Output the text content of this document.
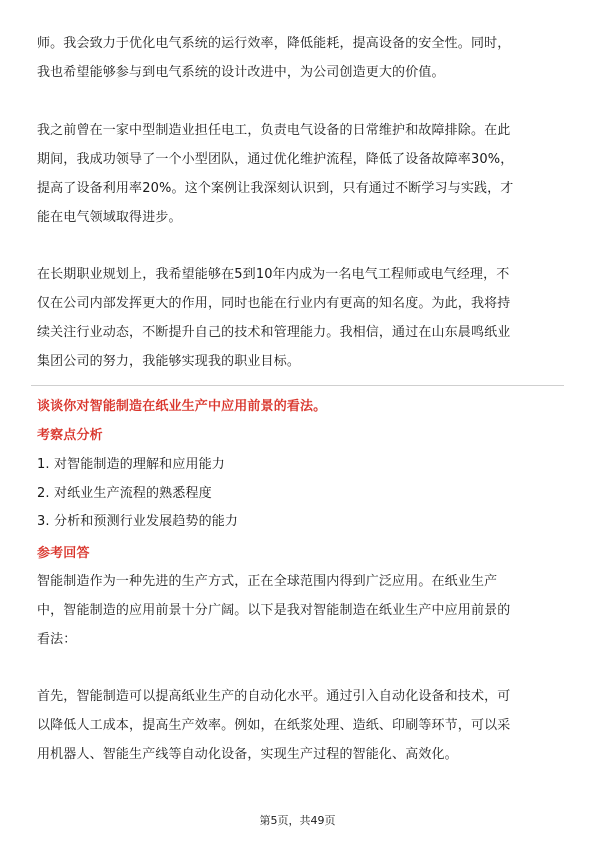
师。我会致力于优化电气系统的运行效率，降低能耗，提高设备的安全性。同时，
我也希望能够参与到电气系统的设计改进中，为公司创造更大的价值。
我之前曾在一家中型制造业担任电工，负责电气设备的日常维护和故障排除。在此
期间，我成功领导了一个小型团队，通过优化维护流程，降低了设备故障率30%，
提高了设备利用率20%。这个案例让我深刻认识到，只有通过不断学习与实践，才
能在电气领域取得进步。
在长期职业规划上，我希望能够在5到10年内成为一名电气工程师或电气经理，不
仅在公司内部发挥更大的作用，同时也能在行业内有更高的知名度。为此，我将持
续关注行业动态，不断提升自己的技术和管理能力。我相信，通过在山东晨鸣纸业
集团公司的努力，我能够实现我的职业目标。
谈谈你对智能制造在纸业生产中应用前景的看法。
考察点分析
1. 对智能制造的理解和应用能力
2. 对纸业生产流程的熟悉程度
3. 分析和预测行业发展趋势的能力
参考回答
智能制造作为一种先进的生产方式，正在全球范围内得到广泛应用。在纸业生产
中，智能制造的应用前景十分广阔。以下是我对智能制造在纸业生产中应用前景的
看法：
首先，智能制造可以提高纸业生产的自动化水平。通过引入自动化设备和技术，可
以降低人工成本，提高生产效率。例如，在纸浆处理、造纸、印刷等环节，可以采
用机器人、智能生产线等自动化设备，实现生产过程的智能化、高效化。
第5页，共49页
